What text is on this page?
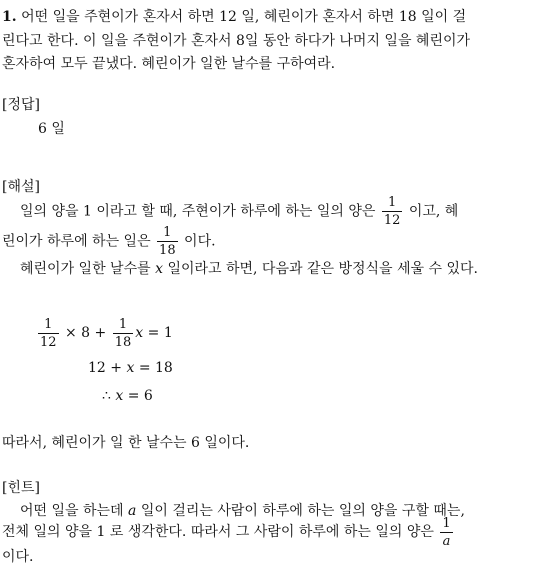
1. 어떤 일을 주현이가 혼자서 하면 12 일, 혜린이가 혼자서 하면 18 일이 걸
린다고 한다. 이 일을 주현이가 혼자서 8일 동안 하다가 나머지 일을 혜린이가
혼자하여 모두 끝냈다. 혜린이가 일한 날수를 구하여라.
[정답]
6 일
[해설]
일의 양을 1 이라고 할 때, 주현이가 하루에 하는 일의 양은 $\frac{1}{12}$ 이고, 혜
린이가 하루에 하는 일은 $\frac{1}{18}$ 이다.
혜린이가 일한 날수를 x 일이라고 하면, 다음과 같은 방정식을 세울 수 있다.
$\frac{1}{12} \times 8 + \frac{1}{18}$ x = 1
12 + x = 18
∴ x = 6
따라서, 혜린이가 일 한 날수는 6 일이다.
[힌트]
어떤 일을 하는데 a 일이 걸리는 사람이 하루에 하는 일의 양을 구할 때는,
전체 일의 양을 1 로 생각한다. 따라서 그 사람이 하루에 하는 일의 양은 $\frac{1}{a}$
이다.
